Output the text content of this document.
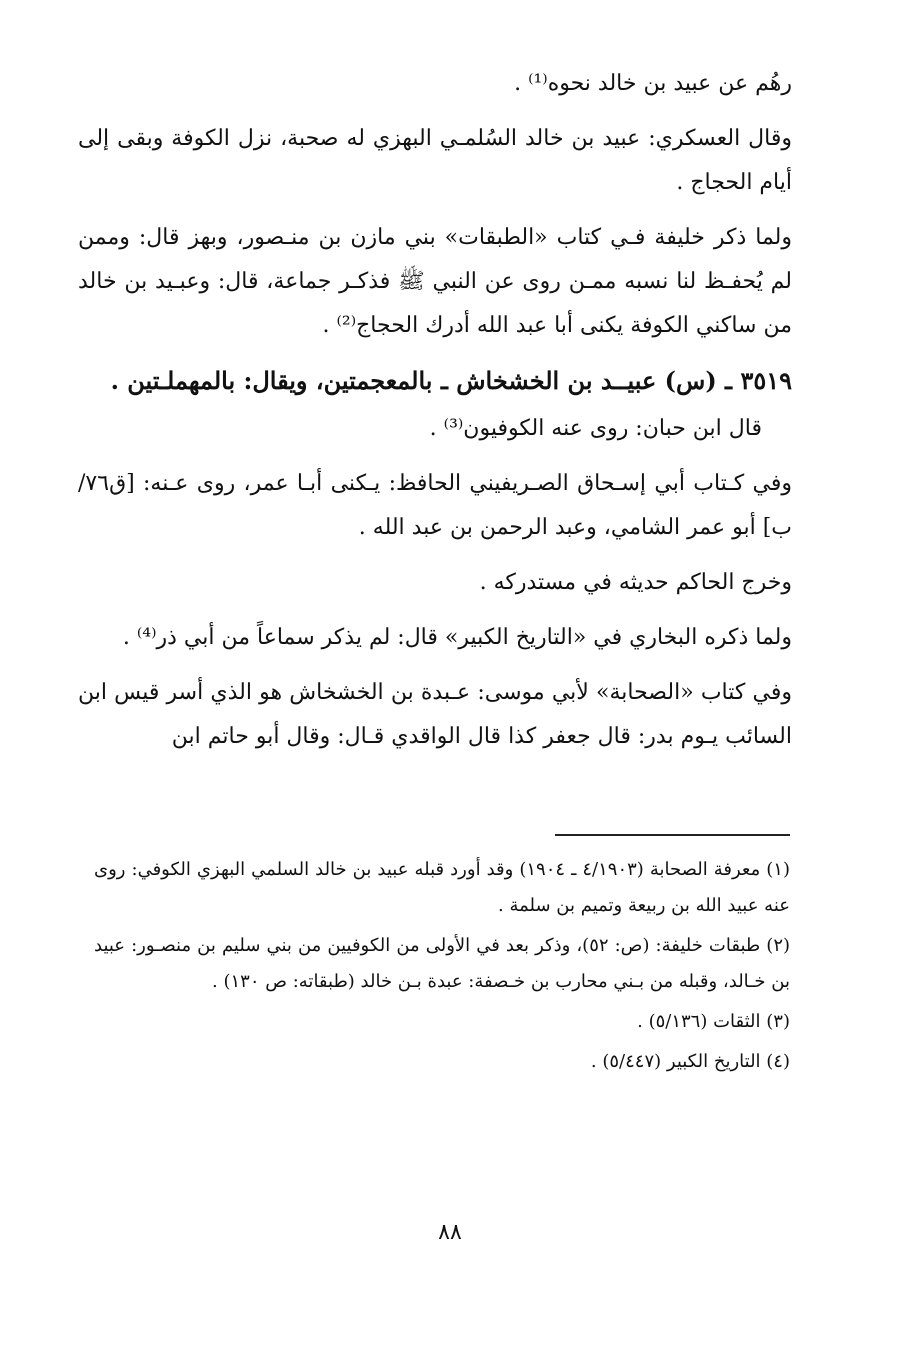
رهُم عن عبيد بن خالد نحوه⁽¹⁾ .

وقال العسكري: عبيد بن خالد السُلمـي البهزي له صحبة، نزل الكوفة وبقى إلى أيام الحجاج .

ولما ذكر خليفة فـي كتاب «الطبقات» بني مازن بن منـصور، وبهز قال: وممن لم يُحفـظ لنا نسبه ممـن روى عن النبي ﷺ فذكـر جماعة، قال: وعبـيد بن خالد من ساكني الكوفة يكنى أبا عبد الله أدرك الحجاج⁽²⁾ .

٣٥١٩ ـ (س) عبيــد بن الخشخاش ـ بالمعجمتين، ويقال: بالمهملـتين .

قال ابن حبان: روى عنه الكوفيون⁽³⁾ .

وفي كـتاب أبي إسـحاق الصـريفيني الحافظ: يـكنى أبـا عمر، روى عـنه: [ق٧٦/ب] أبو عمر الشامي، وعبد الرحمن بن عبد الله .

وخرج الحاكم حديثه في مستدركه .

ولما ذكره البخاري في «التاريخ الكبير» قال: لم يذكر سماعاً من أبي ذر⁽⁴⁾ .

وفي كتاب «الصحابة» لأبي موسى: عـبدة بن الخشخاش هو الذي أسر قيس ابن السائب يـوم بدر: قال جعفر كذا قال الواقدي قـال: وقال أبو حاتم ابن

(١) معرفة الصحابة (٤/١٩٠٣ ـ ١٩٠٤) وقد أورد قبله عبيد بن خالد السلمي البهزي الكوفي: روى عنه عبيد الله بن ربيعة وتميم بن سلمة .

(٢) طبقات خليفة: (ص: ٥٢)، وذكر بعد في الأولى من الكوفيين من بني سليم بن منصـور: عبيد بن خـالد، وقبله من بـني محارب بن خـصفة: عبدة بـن خالد (طبقاته: ص ١٣٠) .

(٣) الثقات (٥/١٣٦) .

(٤) التاريخ الكبير (٥/٤٤٧) .

٨٨
